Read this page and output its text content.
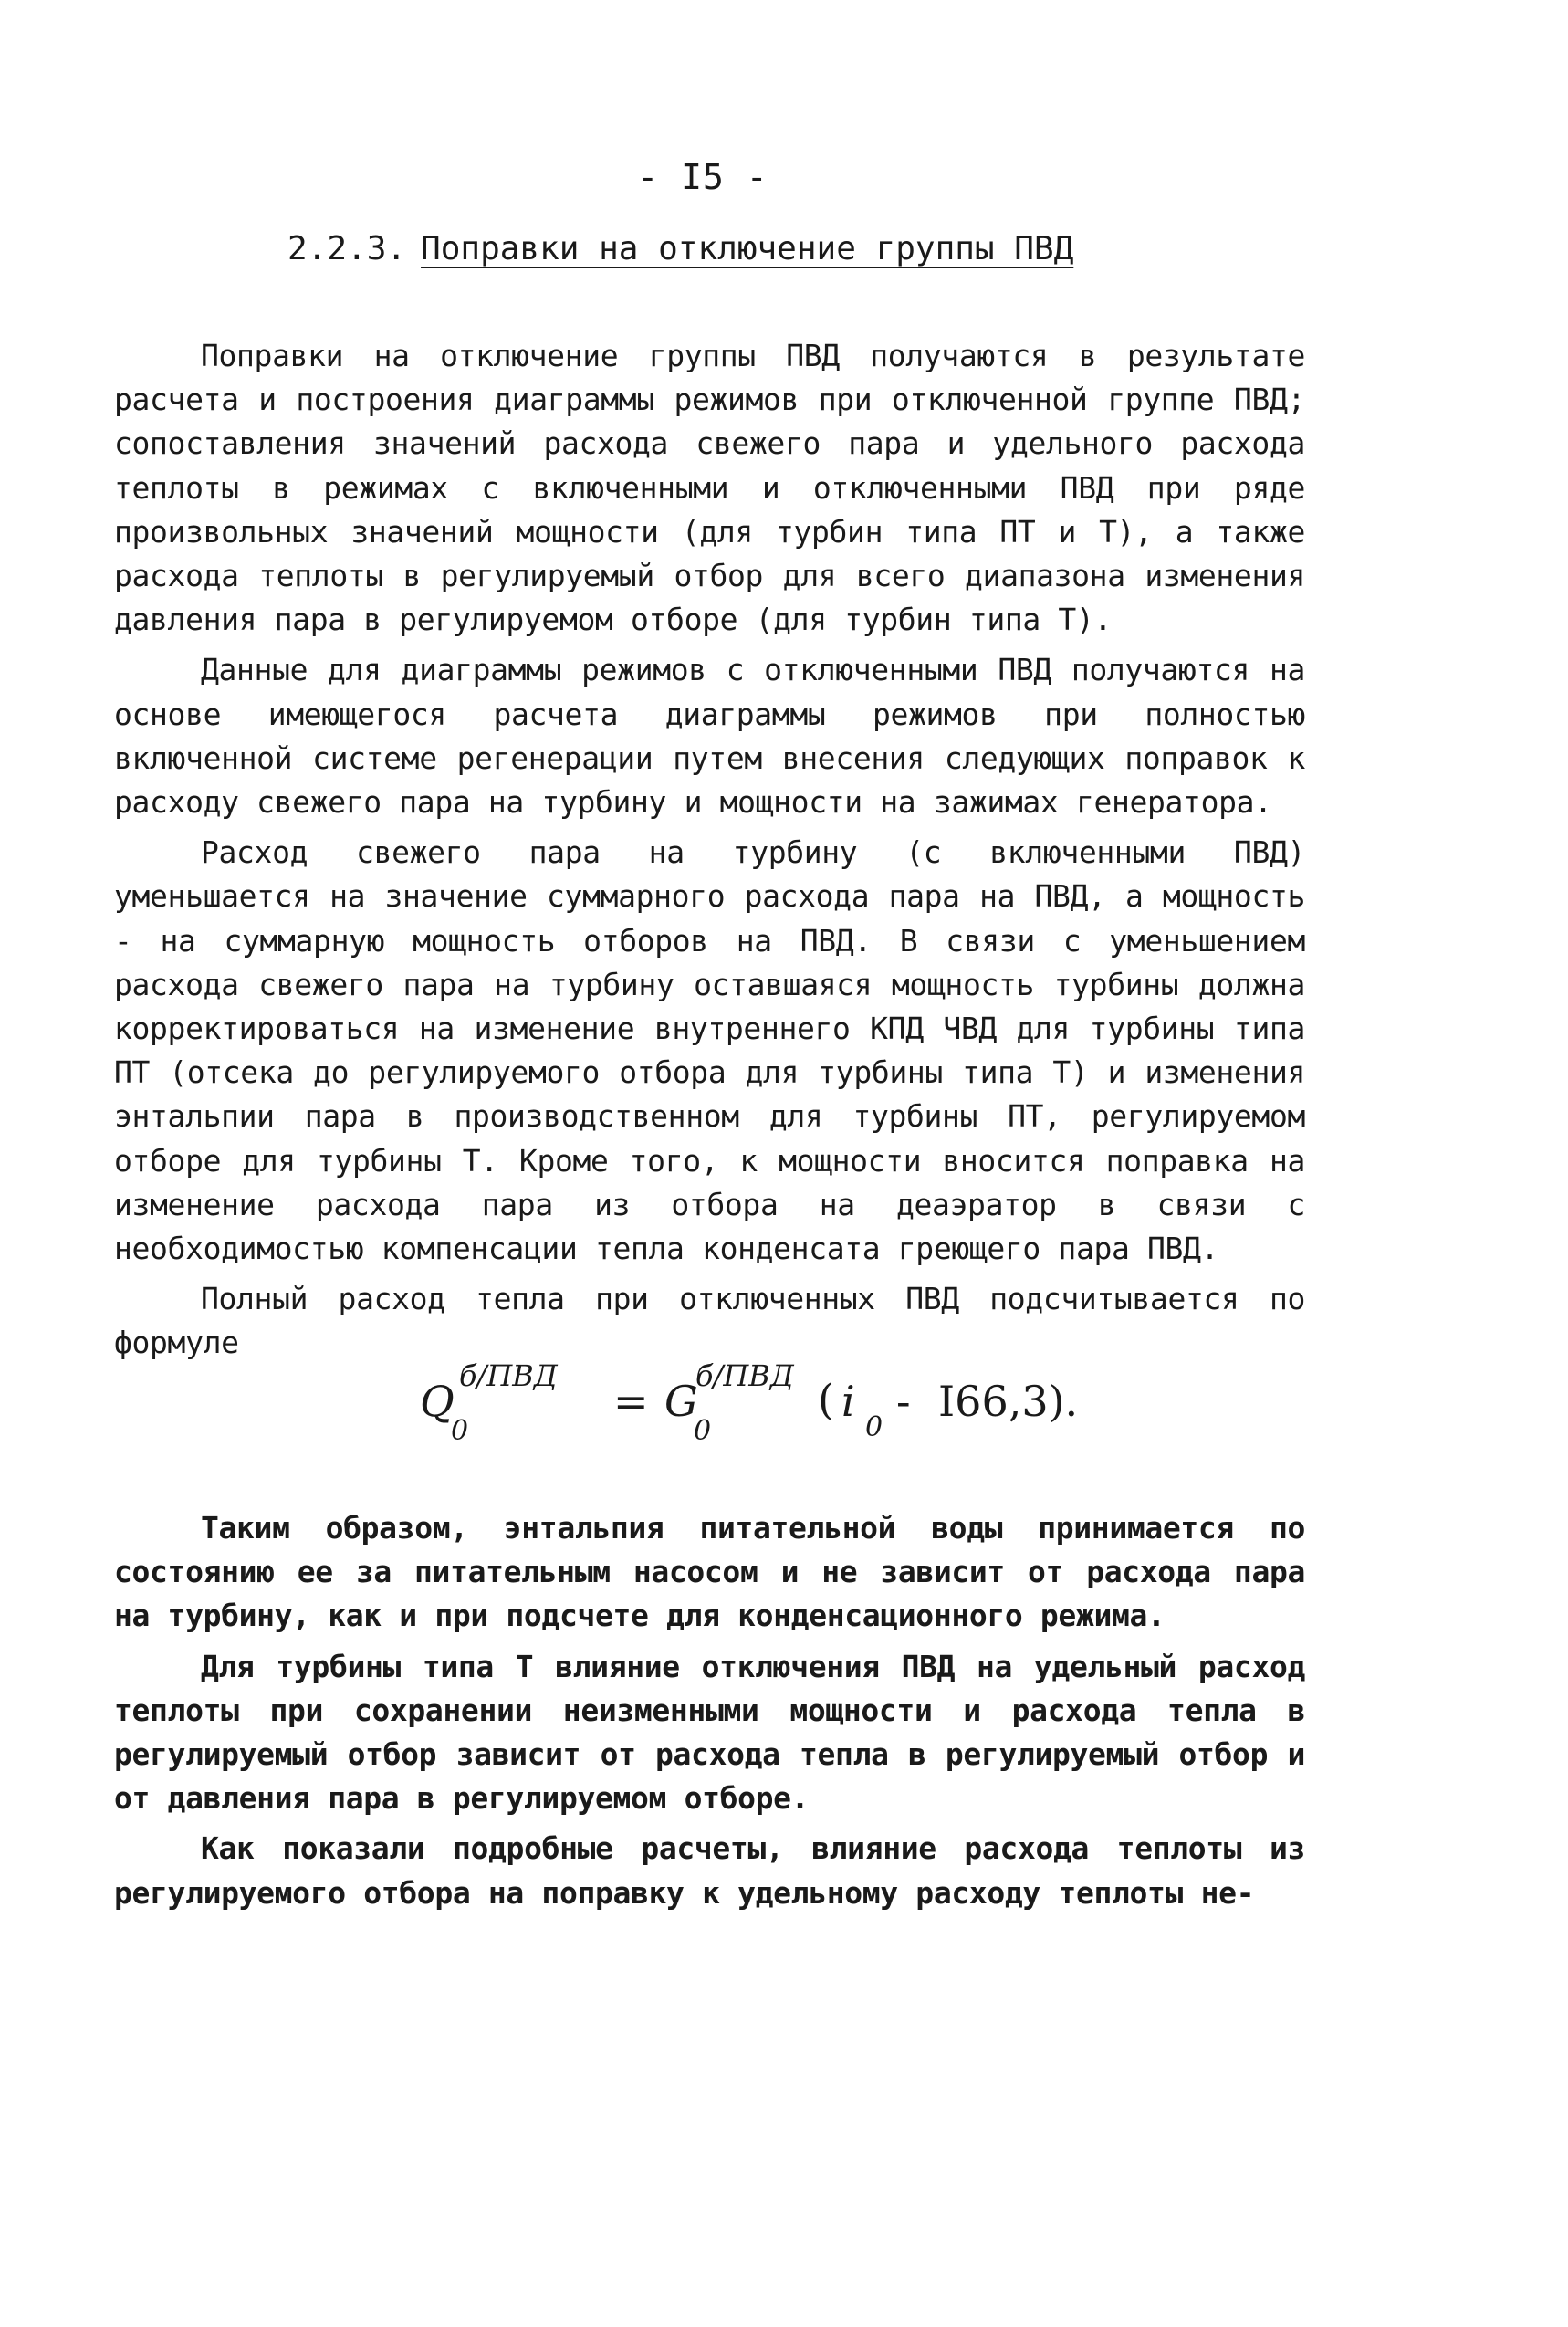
- I5 -
2.2.3. Поправки на отключение группы ПВД

Поправки на отключение группы ПВД получаются в результате расчета и построения диаграммы режимов при отключенной группе ПВД; сопоставления значений расхода свежего пара и удельного расхода теплоты в режимах с включенными и отключенными ПВД при ряде произвольных значений мощности (для турбин типа ПТ и Т), а также расхода теплоты в регулируемый отбор для всего диапазона изменения давления пара в регулируемом отборе (для турбин типа Т).

Данные для диаграммы режимов с отключенными ПВД получаются на основе имеющегося расчета диаграммы режимов при полностью включенной системе регенерации путем внесения следующих поправок к расходу свежего пара на турбину и мощности на зажимах генератора.

Расход свежего пара на турбину (с включенными ПВД) уменьшается на значение суммарного расхода пара на ПВД, а мощность - на суммарную мощность отборов на ПВД. В связи с уменьшением расхода свежего пара на турбину оставшаяся мощность турбины должна корректироваться на изменение внутреннего КПД ЧВД для турбины типа ПТ (отсека до регулируемого отбора для турбины типа Т) и изменения энтальпии пара в производственном для турбины ПТ, регулируемом отборе для турбины Т. Кроме того, к мощности вносится поправка на изменение расхода пара из отбора на деаэратор в связи с необходимостью компенсации тепла конденсата греющего пара ПВД.

Полный расход тепла при отключенных ПВД подсчитывается по формуле

Q
б/ПВД
0
= G
б/ПВД
0
( i
0
- I66,3).

Таким образом, энтальпия питательной воды принимается по состоянию ее за питательным насосом и не зависит от расхода пара на турбину, как и при подсчете для конденсационного режима.

Для турбины типа Т влияние отключения ПВД на удельный расход теплоты при сохранении неизменными мощности и расхода тепла в регулируемый отбор зависит от расхода тепла в регулируемый отбор и от давления пара в регулируемом отборе.

Как показали подробные расчеты, влияние расхода теплоты из регулируемого отбора на поправку к удельному расходу теплоты не-
